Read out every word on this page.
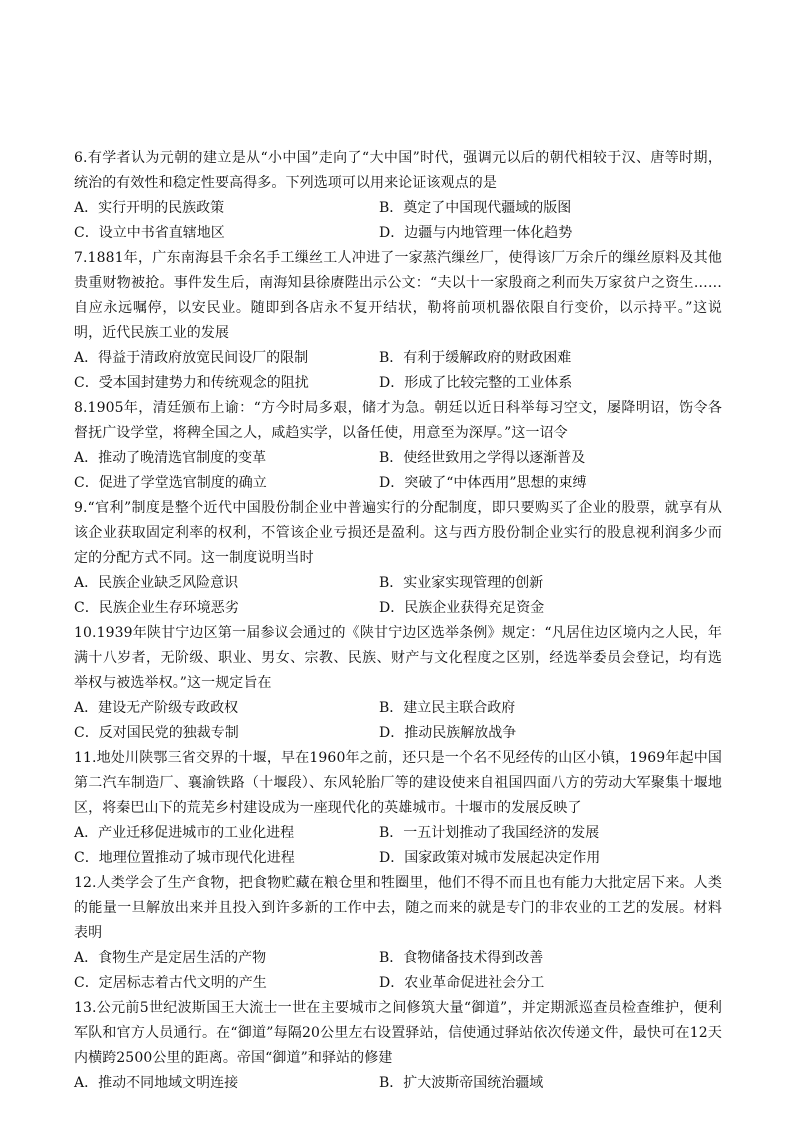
6.有学者认为元朝的建立是从“小中国”走向了“大中国”时代，强调元以后的朝代相较于汉、唐等时期，统治的有效性和稳定性要高得多。下列选项可以用来论证该观点的是

A．实行开明的民族政策	B．奠定了中国现代疆域的版图
C．设立中书省直辖地区	D．边疆与内地管理一体化趋势

7.1881年，广东南海县千余名手工缫丝工人冲进了一家蒸汽缫丝厂，使得该厂万余斤的缫丝原料及其他贵重财物被抢。事件发生后，南海知县徐赓陛出示公文：“夫以十一家殷商之利而失万家贫户之资生……自应永远嘱停，以安民业。随即到各店永不复开结状，勒将前项机器依限自行变价，以示持平。”这说明，近代民族工业的发展

A．得益于清政府放宽民间设厂的限制	B．有利于缓解政府的财政困难
C．受本国封建势力和传统观念的阻扰	D．形成了比较完整的工业体系

8.1905年，清廷颁布上谕：“方今时局多艰，储才为急。朝廷以近日科举每习空文，屡降明诏，饬令各督抚广设学堂，将稗全国之人，咸趋实学，以备任使，用意至为深厚。”这一诏令

A．推动了晚清选官制度的变革	B．使经世致用之学得以逐渐普及
C．促进了学堂选官制度的确立	D．突破了“中体西用”思想的束缚

9.“官利”制度是整个近代中国股份制企业中普遍实行的分配制度，即只要购买了企业的股票，就享有从该企业获取固定利率的权利，不管该企业亏损还是盈利。这与西方股份制企业实行的股息视利润多少而定的分配方式不同。这一制度说明当时

A．民族企业缺乏风险意识	B．实业家实现管理的创新
C．民族企业生存环境恶劣	D．民族企业获得充足资金

10.1939年陕甘宁边区第一届参议会通过的《陕甘宁边区选举条例》规定：“凡居住边区境内之人民，年满十八岁者，无阶级、职业、男女、宗教、民族、财产与文化程度之区别，经选举委员会登记，均有选举权与被选举权。”这一规定旨在

A．建设无产阶级专政政权	B．建立民主联合政府
C．反对国民党的独裁专制	D．推动民族解放战争

11.地处川陕鄂三省交界的十堰，早在1960年之前，还只是一个名不见经传的山区小镇，1969年起中国第二汽车制造厂、襄渝铁路（十堰段）、东风轮胎厂等的建设使来自祖国四面八方的劳动大军聚集十堰地区，将秦巴山下的荒芜乡村建设成为一座现代化的英雄城市。十堰市的发展反映了

A．产业迁移促进城市的工业化进程	B．一五计划推动了我国经济的发展
C．地理位置推动了城市现代化进程	D．国家政策对城市发展起决定作用

12.人类学会了生产食物，把食物贮藏在粮仓里和牲圈里，他们不得不而且也有能力大批定居下来。人类的能量一旦解放出来并且投入到许多新的工作中去，随之而来的就是专门的非农业的工艺的发展。材料表明

A．食物生产是定居生活的产物	B．食物储备技术得到改善
C．定居标志着古代文明的产生	D．农业革命促进社会分工

13.公元前5世纪波斯国王大流士一世在主要城市之间修筑大量“御道”，并定期派巡查员检查维护，便利军队和官方人员通行。在“御道”每隔20公里左右设置驿站，信使通过驿站依次传递文件，最快可在12天内横跨2500公里的距离。帝国“御道”和驿站的修建

A．推动不同地域文明连接	B．扩大波斯帝国统治疆域
